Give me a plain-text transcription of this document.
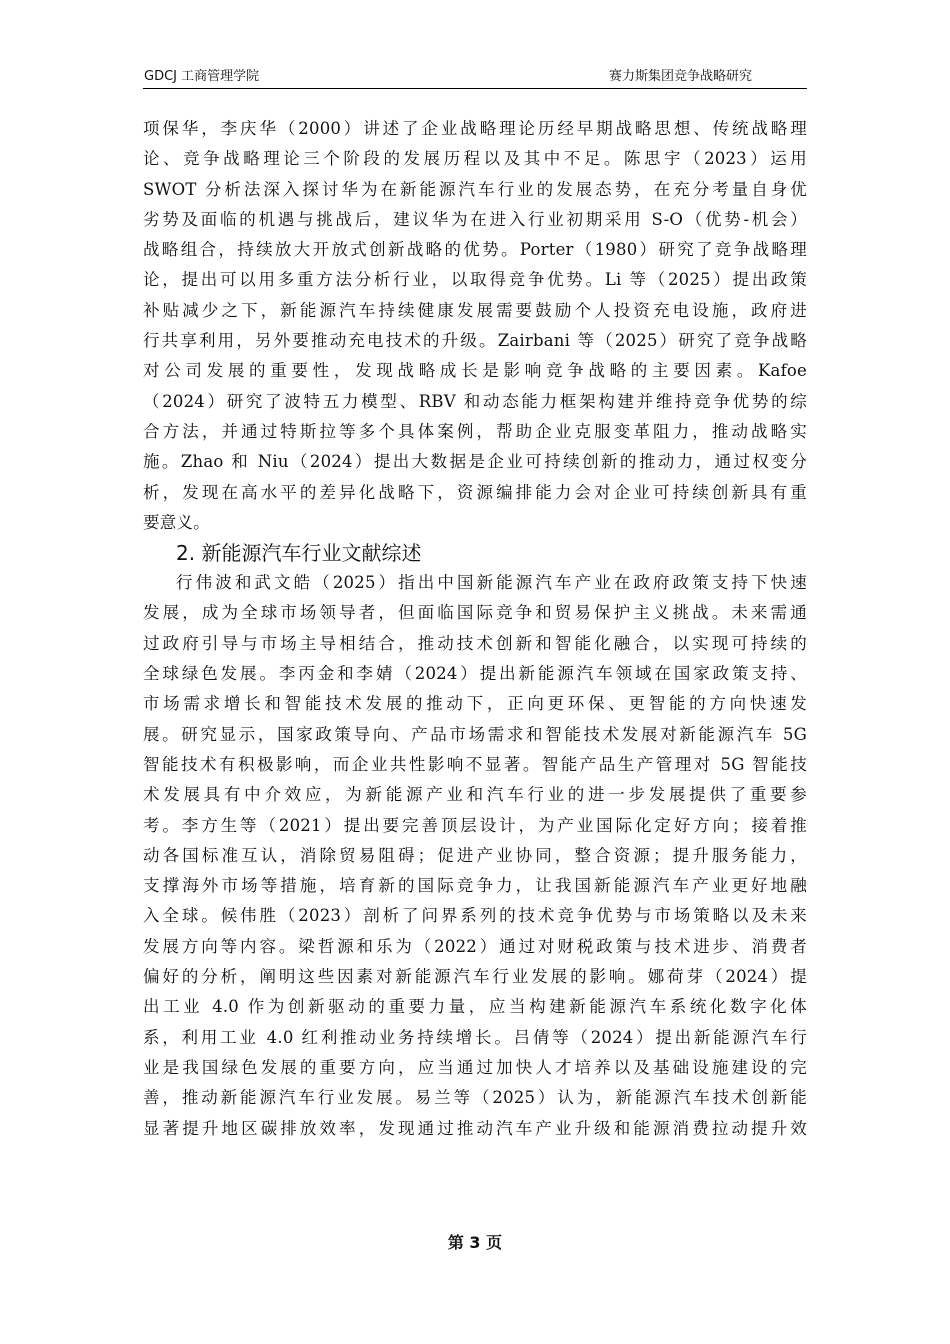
GDCJ 工商管理学院	赛力斯集团竞争战略研究
项保华，李庆华（2000）讲述了企业战略理论历经早期战略思想、传统战略理
论、竞争战略理论三个阶段的发展历程以及其中不足。陈思宇（2023）运用
SWOT 分析法深入探讨华为在新能源汽车行业的发展态势，在充分考量自身优
劣势及面临的机遇与挑战后，建议华为在进入行业初期采用 S-O（优势-机会）
战略组合，持续放大开放式创新战略的优势。Porter（1980）研究了竞争战略理
论，提出可以用多重方法分析行业，以取得竞争优势。Li 等（2025）提出政策
补贴减少之下，新能源汽车持续健康发展需要鼓励个人投资充电设施，政府进
行共享利用，另外要推动充电技术的升级。Zairbani 等（2025）研究了竞争战略
对公司发展的重要性，发现战略成长是影响竞争战略的主要因素。Kafoe
（2024）研究了波特五力模型、RBV 和动态能力框架构建并维持竞争优势的综
合方法，并通过特斯拉等多个具体案例，帮助企业克服变革阻力，推动战略实
施。Zhao 和 Niu（2024）提出大数据是企业可持续创新的推动力，通过权变分
析，发现在高水平的差异化战略下，资源编排能力会对企业可持续创新具有重
要意义。
2. 新能源汽车行业文献综述
行伟波和武文皓（2025）指出中国新能源汽车产业在政府政策支持下快速
发展，成为全球市场领导者，但面临国际竞争和贸易保护主义挑战。未来需通
过政府引导与市场主导相结合，推动技术创新和智能化融合，以实现可持续的
全球绿色发展。李丙金和李婧（2024）提出新能源汽车领域在国家政策支持、
市场需求增长和智能技术发展的推动下，正向更环保、更智能的方向快速发
展。研究显示，国家政策导向、产品市场需求和智能技术发展对新能源汽车 5G
智能技术有积极影响，而企业共性影响不显著。智能产品生产管理对 5G 智能技
术发展具有中介效应，为新能源产业和汽车行业的进一步发展提供了重要参
考。李方生等（2021）提出要完善顶层设计，为产业国际化定好方向；接着推
动各国标准互认，消除贸易阻碍；促进产业协同，整合资源；提升服务能力，
支撑海外市场等措施，培育新的国际竞争力，让我国新能源汽车产业更好地融
入全球。候伟胜（2023）剖析了问界系列的技术竞争优势与市场策略以及未来
发展方向等内容。梁哲源和乐为（2022）通过对财税政策与技术进步、消费者
偏好的分析，阐明这些因素对新能源汽车行业发展的影响。娜荷芽（2024）提
出工业 4.0 作为创新驱动的重要力量，应当构建新能源汽车系统化数字化体
系，利用工业 4.0 红利推动业务持续增长。吕倩等（2024）提出新能源汽车行
业是我国绿色发展的重要方向，应当通过加快人才培养以及基础设施建设的完
善，推动新能源汽车行业发展。易兰等（2025）认为，新能源汽车技术创新能
显著提升地区碳排放效率，发现通过推动汽车产业升级和能源消费拉动提升效
第 3 页
